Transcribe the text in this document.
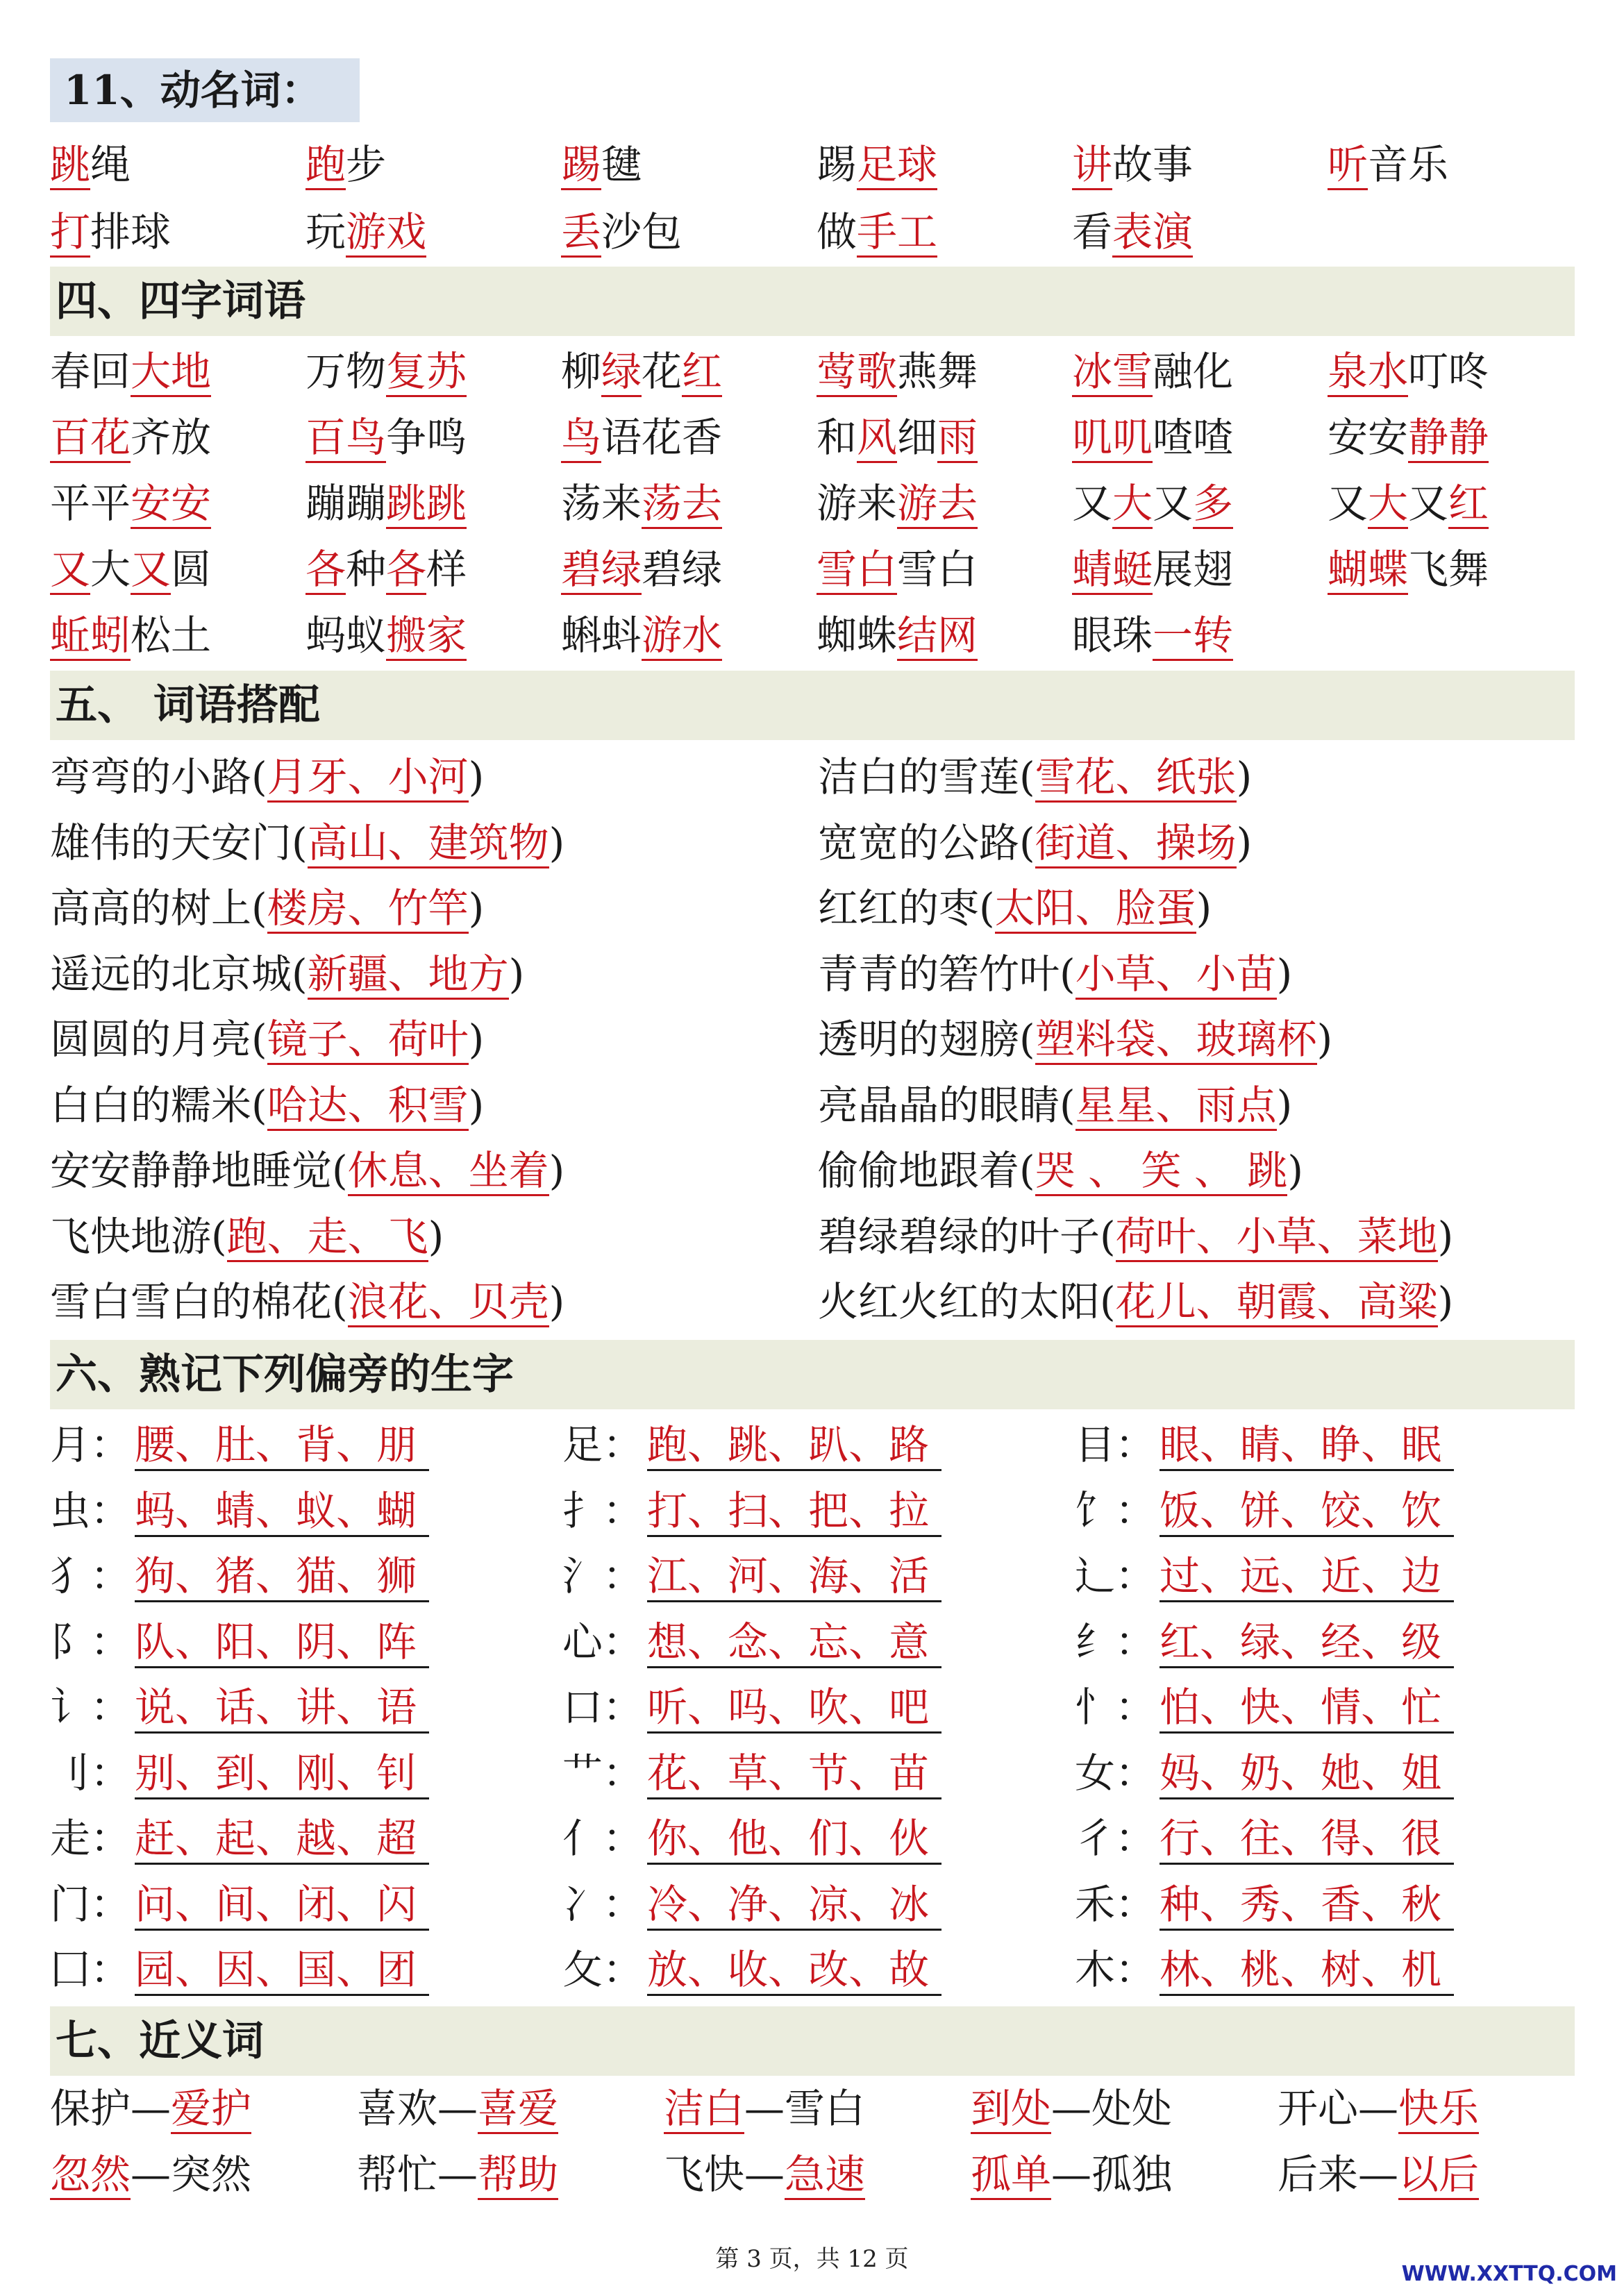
11、动名词：
跳绳	跑步	踢毽	踢足球	讲故事	听音乐
打排球	玩游戏	丢沙包	做手工	看表演
四、四字词语
春回大地 万物复苏 柳绿花红 莺歌燕舞 冰雪融化 泉水叮咚
百花齐放 百鸟争鸣 鸟语花香 和风细雨 叽叽喳喳 安安静静
平平安安 蹦蹦跳跳 荡来荡去 游来游去 又大又多 又大又红
又大又圆 各种各样 碧绿碧绿 雪白雪白 蜻蜓展翅 蝴蝶飞舞
蚯蚓松土 蚂蚁搬家 蝌蚪游水 蜘蛛结网 眼珠一转
五、 词语搭配
弯弯的小路(月牙、小河)	洁白的雪莲(雪花、纸张)
雄伟的天安门(高山、建筑物)	宽宽的公路(街道、操场)
高高的树上(楼房、竹竿)	红红的枣(太阳、脸蛋)
遥远的北京城(新疆、地方)	青青的箬竹叶(小草、小苗)
圆圆的月亮(镜子、荷叶)	透明的翅膀(塑料袋、玻璃杯)
白白的糯米(哈达、积雪)	亮晶晶的眼睛(星星、雨点)
安安静静地睡觉(休息、坐着)	偷偷地跟着(哭 、 笑 、 跳)
飞快地游(跑、走、飞)	碧绿碧绿的叶子(荷叶、小草、菜地)
雪白雪白的棉花(浪花、贝壳)	火红火红的太阳(花儿、朝霞、高粱)
六、熟记下列偏旁的生字
月： 腰、肚、背、朋	足： 跑、跳、趴、路	目： 眼、睛、睁、眠
虫： 蚂、蜻、蚁、蝴	扌： 打、扫、把、拉	饣： 饭、饼、饺、饮
犭： 狗、猪、猫、狮	氵： 江、河、海、活	辶： 过、远、近、边
阝： 队、阳、阴、阵	心： 想、念、忘、意	纟： 红、绿、经、级
讠： 说、话、讲、语	口： 听、吗、吹、吧	忄： 怕、快、情、忙
刂： 别、到、刚、钊	艹： 花、草、节、苗	女： 妈、奶、她、姐
走： 赶、起、越、超	亻： 你、他、们、伙	彳： 行、往、得、很
门： 问、间、闭、闪	冫： 冷、净、凉、冰	禾： 种、秀、香、秋
囗： 园、因、国、团	攵： 放、收、改、故	木： 林、桃、树、机
七、近义词
保护—爱护	喜欢—喜爱	洁白—雪白	到处—处处	开心—快乐
忽然—突然	帮忙—帮助	飞快—急速	孤单—孤独	后来—以后
第 3 页，共 12 页
WWW.XXTTQ.COM
